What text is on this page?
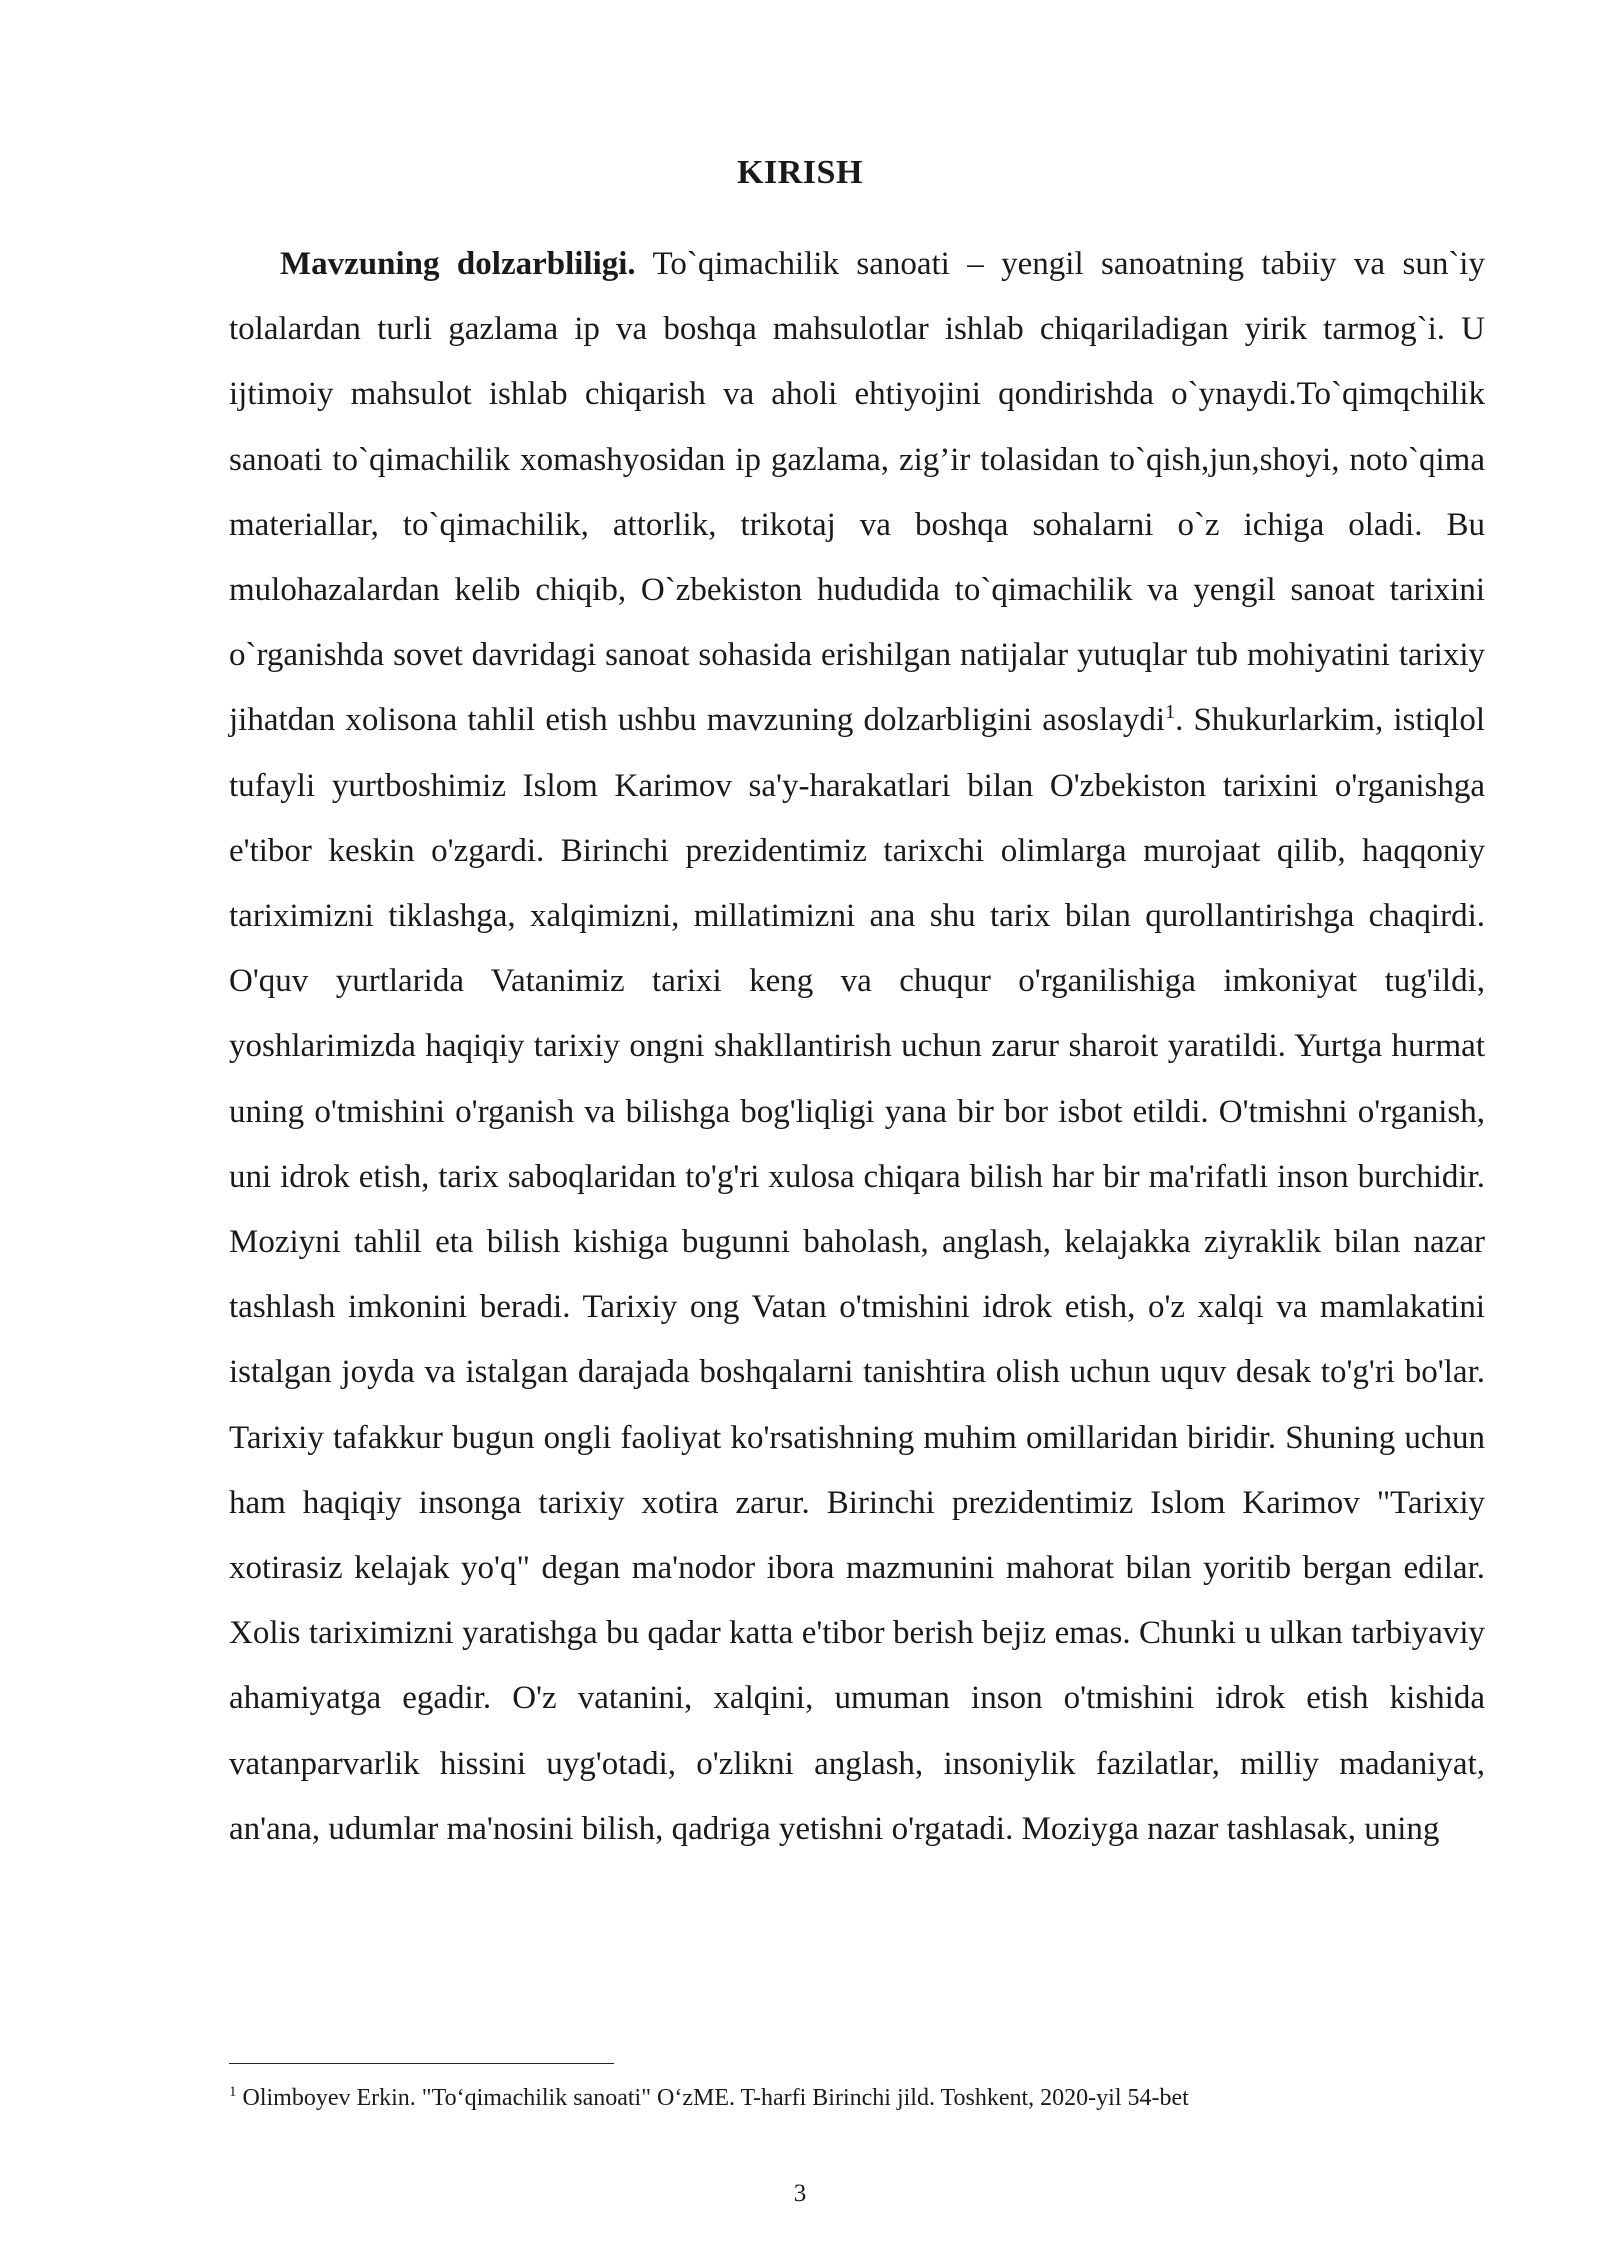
KIRISH

Mavzuning dolzarbliligi. To`qimachilik sanoati – yengil sanoatning tabiiy va sun`iy tolalardan turli gazlama ip va boshqa mahsulotlar ishlab chiqariladigan yirik tarmog`i. U ijtimoiy mahsulot ishlab chiqarish va aholi ehtiyojini qondirishda o`ynaydi.To`qimqchilik sanoati to`qimachilik xomashyosidan ip gazlama, zig’ir tolasidan to`qish,jun,shoyi, noto`qima materiallar, to`qimachilik, attorlik, trikotaj va boshqa sohalarni o`z ichiga oladi. Bu mulohazalardan kelib chiqib, O`zbekiston hududida to`qimachilik va yengil sanoat tarixini o`rganishda sovet davridagi sanoat sohasida erishilgan natijalar yutuqlar tub mohiyatini tarixiy jihatdan xolisona tahlil etish ushbu mavzuning dolzarbligini asoslaydi$^1$. Shukurlarkim, istiqlol tufayli yurtboshimiz Islom Karimov sa'y-harakatlari bilan O'zbekiston tarixini o'rganishga e'tibor keskin o'zgardi. Birinchi prezidentimiz tarixchi olimlarga murojaat qilib, haqqoniy tariximizni tiklashga, xalqimizni, millatimizni ana shu tarix bilan qurollantirishga chaqirdi. O'quv yurtlarida Vatanimiz tarixi keng va chuqur o'rganilishiga imkoniyat tug'ildi, yoshlarimizda haqiqiy tarixiy ongni shakllantirish uchun zarur sharoit yaratildi. Yurtga hurmat uning o'tmishini o'rganish va bilishga bog'liqligi yana bir bor isbot etildi. O'tmishni o'rganish, uni idrok etish, tarix saboqlaridan to'g'ri xulosa chiqara bilish har bir ma'rifatli inson burchidir. Moziyni tahlil eta bilish kishiga bugunni baholash, anglash, kelajakka ziyraklik bilan nazar tashlash imkonini beradi. Tarixiy ong Vatan o'tmishini idrok etish, o'z xalqi va mamlakatini istalgan joyda va istalgan darajada boshqalarni tanishtira olish uchun uquv desak to'g'ri bo'lar. Tarixiy tafakkur bugun ongli faoliyat ko'rsatishning muhim omillaridan biridir. Shuning uchun ham haqiqiy insonga tarixiy xotira zarur. Birinchi prezidentimiz Islom Karimov "Tarixiy xotirasiz kelajak yo'q" degan ma'nodor ibora mazmunini mahorat bilan yoritib bergan edilar. Xolis tariximizni yaratishga bu qadar katta e'tibor berish bejiz emas. Chunki u ulkan tarbiyaviy ahamiyatga egadir. O'z vatanini, xalqini, umuman inson o'tmishini idrok etish kishida vatanparvarlik hissini uyg'otadi, o'zlikni anglash, insoniylik fazilatlar, milliy madaniyat, an'ana, udumlar ma'nosini bilish, qadriga yetishni o'rgatadi. Moziyga nazar tashlasak, uning

$^1$ Olimboyev Erkin. "To‘qimachilik sanoati" O‘zME. T-harfi Birinchi jild. Toshkent, 2020-yil 54-bet
3
